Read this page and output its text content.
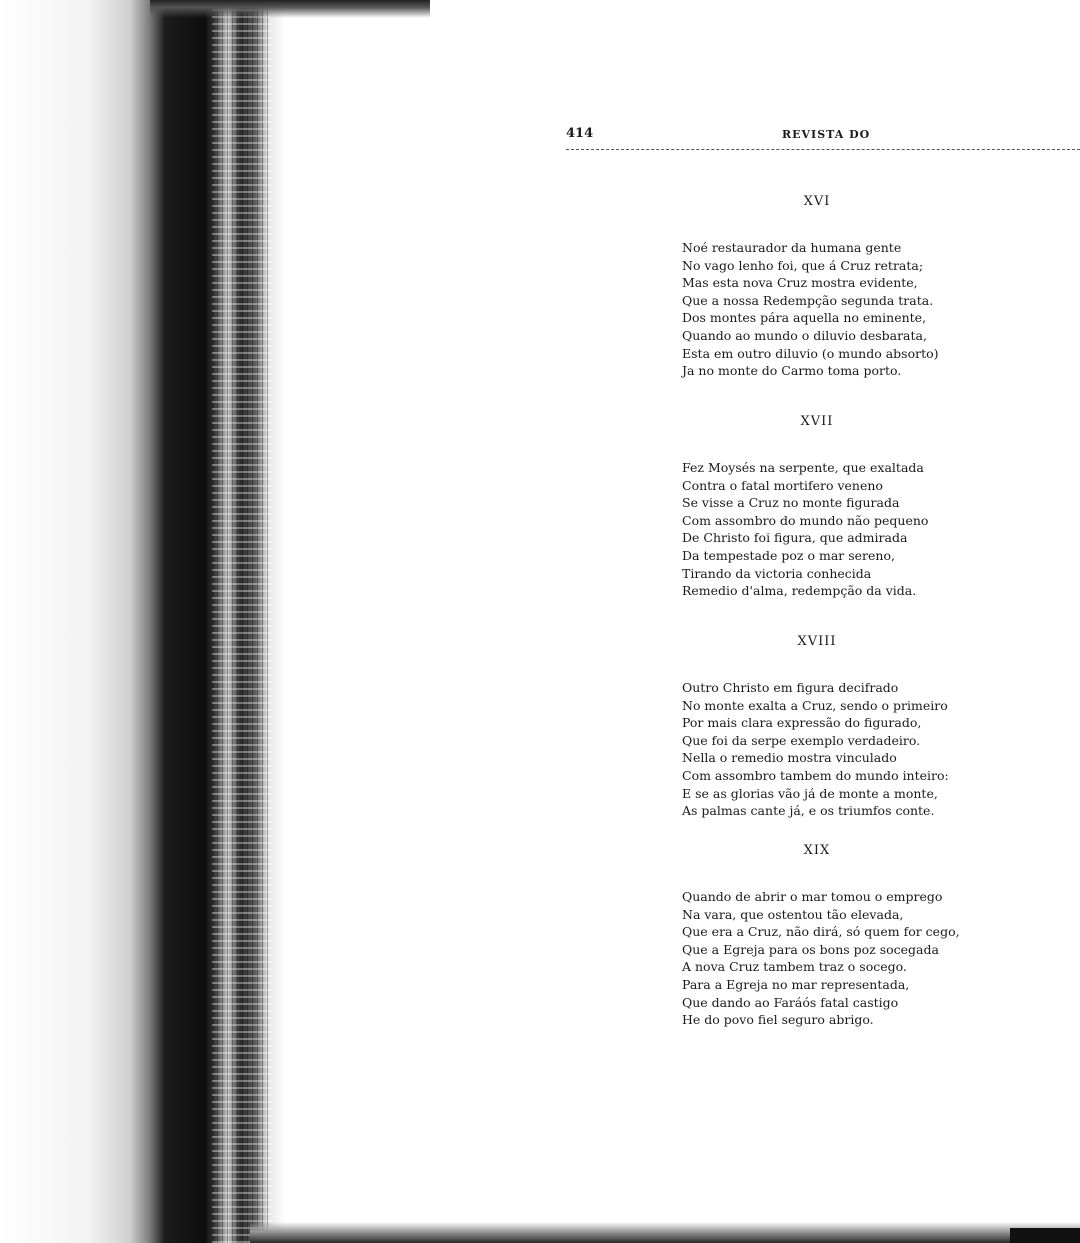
414	REVISTA DO
XVI
Noé restaurador da humana gente
No vago lenho foi, que á Cruz retrata;
Mas esta nova Cruz mostra evidente,
Que a nossa Redempção segunda trata.
Dos montes pára aquella no eminente,
Quando ao mundo o diluvio desbarata,
Esta em outro diluvio (o mundo absorto)
Ja no monte do Carmo toma porto.
XVII
Fez Moysés na serpente, que exaltada
Contra o fatal mortifero veneno
Se visse a Cruz no monte figurada
Com assombro do mundo não pequeno
De Christo foi figura, que admirada
Da tempestade poz o mar sereno,
Tirando da victoria conhecida
Remedio d'alma, redempção da vida.
XVIII
Outro Christo em figura decifrado
No monte exalta a Cruz, sendo o primeiro
Por mais clara expressão do figurado,
Que foi da serpe exemplo verdadeiro.
Nella o remedio mostra vinculado
Com assombro tambem do mundo inteiro:
E se as glorias vão já de monte a monte,
As palmas cante já, e os triumfos conte.
XIX
Quando de abrir o mar tomou o emprego
Na vara, que ostentou tão elevada,
Que era a Cruz, não dirá, só quem for cego,
Que a Egreja para os bons poz socegada
A nova Cruz tambem traz o socego.
Para a Egreja no mar representada,
Que dando ao Faráós fatal castigo
He do povo fiel seguro abrigo.
